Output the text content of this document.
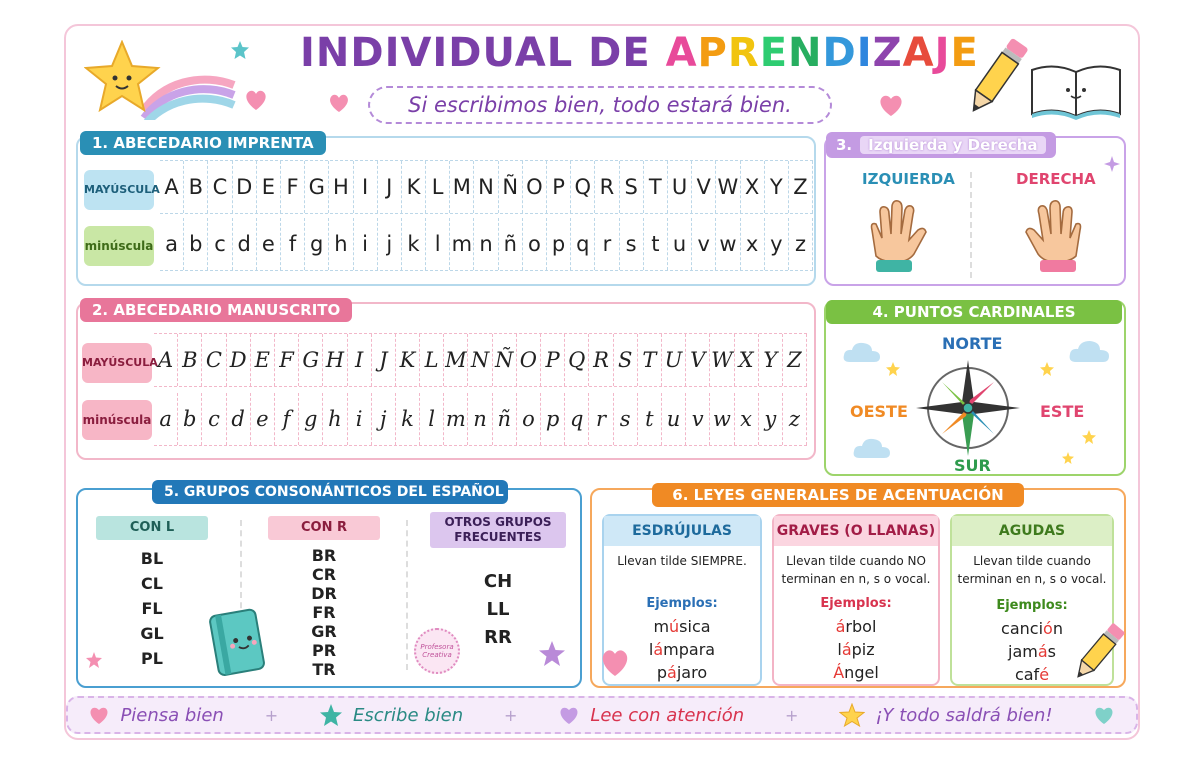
INDIVIDUAL DE APRENDIZAJE
Si escribimos bien, todo estará bien.
1. ABECEDARIO IMPRENTA
MAYÚSCULA
minúscula
A B C D E F G H I J K L M N Ñ O P Q R S T U V W X Y Z
a b c d e f g h i j k l m n ñ o p q r s t u v w x y z
2. ABECEDARIO MANUSCRITO
MAYÚSCULA
minúscula
A B C D E F G H I J K L M N Ñ O P Q R S T U V W X Y Z
a b c d e f g h i j k l m n ñ o p q r s t u v w x y z
3.	Izquierda y Derecha
IZQUIERDA	DERECHA
4. PUNTOS CARDINALES
NORTE
SUR
ESTE
OESTE
5. GRUPOS CONSONÁNTICOS DEL ESPAÑOL
CON L
BL
CL
FL
GL
PL
CON R
BR
CR
DR
FR
GR
PR
TR
OTROS GRUPOS FRECUENTES
CH
LL
RR
Profesora Creativa
6. LEYES GENERALES DE ACENTUACIÓN
ESDRÚJULAS
Llevan tilde SIEMPRE.
Ejemplos:
música
lámpara
pájaro
GRAVES (O LLANAS)
Llevan tilde cuando NO
terminan en n, s o vocal.
Ejemplos:
árbol
lápiz
Ángel
AGUDAS
Llevan tilde cuando
terminan en n, s o vocal.
Ejemplos:
canción
jamás
café
Piensa bien	+	Escribe bien	+	Lee con atención	+	¡Y todo saldrá bien!
